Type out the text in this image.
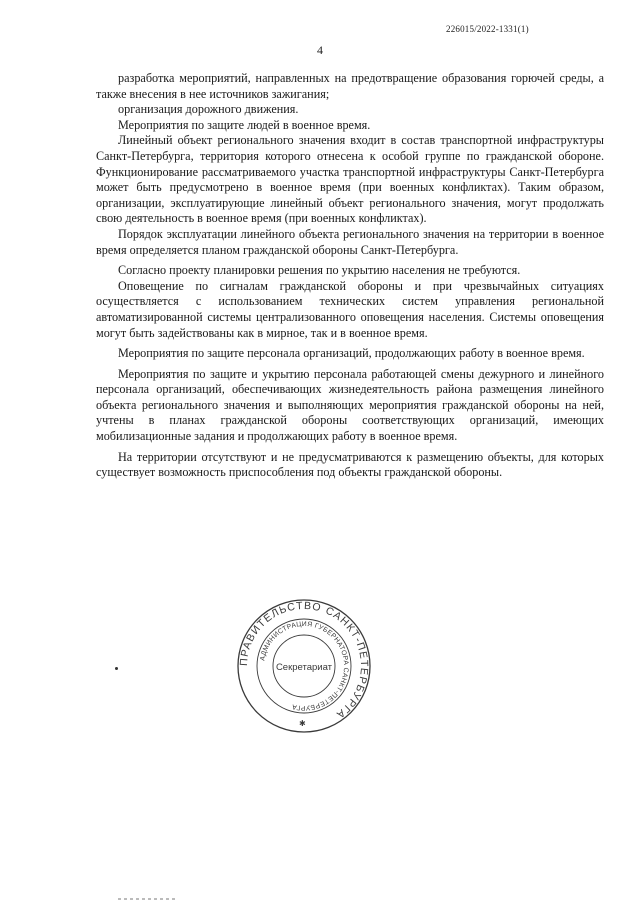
226015/2022-1331(1)
4

разработка мероприятий, направленных на предотвращение образования горючей среды, а также внесения в нее источников зажигания;

организация дорожного движения.

Мероприятия по защите людей в военное время.

Линейный объект регионального значения входит в состав транспортной инфраструктуры Санкт-Петербурга, территория которого отнесена к особой группе по гражданской обороне. Функционирование рассматриваемого участка транспортной инфраструктуры Санкт-Петербурга может быть предусмотрено в военное время (при военных конфликтах). Таким образом, организации, эксплуатирующие линейный объект регионального значения, могут продолжать свою деятельность в военное время (при военных конфликтах).

Порядок эксплуатации линейного объекта регионального значения на территории в военное время определяется планом гражданской обороны Санкт-Петербурга.

Согласно проекту планировки решения по укрытию населения не требуются.

Оповещение по сигналам гражданской обороны и при чрезвычайных ситуациях осуществляется с использованием технических систем управления региональной автоматизированной системы централизованного оповещения населения. Системы оповещения могут быть задействованы как в мирное, так и в военное время.

Мероприятия по защите персонала организаций, продолжающих работу в военное время.

Мероприятия по защите и укрытию персонала работающей смены дежурного и линейного персонала организаций, обеспечивающих жизнедеятельность района размещения линейного объекта регионального значения и выполняющих мероприятия гражданской обороны на ней, учтены в планах гражданской обороны соответствующих организаций, имеющих мобилизационные задания и продолжающих работу в военное время.

На территории отсутствуют и не предусматриваются к размещению объекты, для которых существует возможность приспособления под объекты гражданской обороны.

ПРАВИТЕЛЬСТВО САНКТ-ПЕТЕРБУРГА
АДМИНИСТРАЦИЯ ГУБЕРНАТОРА САНКТ-ПЕТЕРБУРГА
Секретариат
✱
